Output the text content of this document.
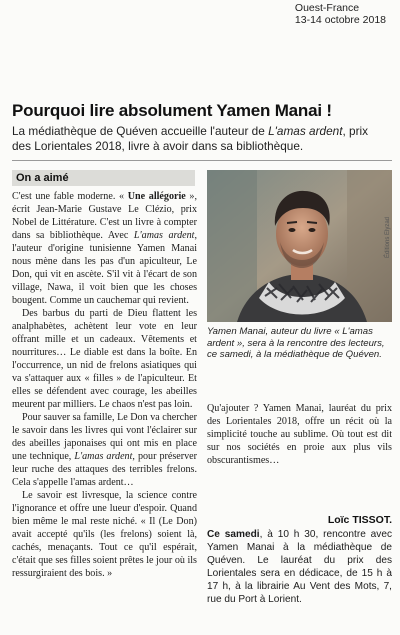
Ouest-France
13-14 octobre 2018
Pourquoi lire absolument Yamen Manai !
La médiathèque de Quéven accueille l'auteur de L'amas ardent, prix des Lorientales 2018, livre à avoir dans sa bibliothèque.
On a aimé

C'est une fable moderne. « Une allégorie », écrit Jean-Marie Gustave Le Clézio, prix Nobel de Littérature. C'est un livre à compter dans sa bibliothèque. Avec L'amas ardent, l'auteur d'origine tunisienne Yamen Manai nous mène dans les pas d'un apiculteur, Le Don, qui vit en ascète. S'il vit à l'écart de son village, Nawa, il voit bien que les choses bougent. Comme un cauchemar qui revient.

Des barbus du parti de Dieu flattent les analphabètes, achètent leur vote en leur offrant mille et un cadeaux. Vêtements et nourritures… Le diable est dans la boîte. En l'occurrence, un nid de frelons asiatiques qui va s'attaquer aux « filles » de l'apiculteur. Et elles se défendent avec courage, les abeilles meurent par milliers. Le chaos n'est pas loin.

Pour sauver sa famille, Le Don va chercher le savoir dans les livres qui vont l'éclairer sur des abeilles japonaises qui ont mis en place une technique, L'amas ardent, pour préserver leur ruche des attaques des terribles frelons. Cela s'appelle l'amas ardent…

Le savoir est livresque, la science contre l'ignorance et offre une lueur d'espoir. Quand bien même le mal reste niché. « Il (Le Don) avait accepté qu'ils (les frelons) soient là, cachés, menaçants. Tout ce qu'il espérait, c'était que ses filles soient prêtes le jour où ils ressurgiraient des bois. »

Éditions Elyzad
Yamen Manai, auteur du livre « L'amas ardent », sera à la rencontre des lecteurs, ce samedi, à la médiathèque de Quéven.

Qu'ajouter ? Yamen Manai, lauréat du prix des Lorientales 2018, offre un récit où la simplicité touche au sublime. Où tout est dit sur nos sociétés en proie aux plus vils obscurantismes…

Loïc TISSOT.
Ce samedi, à 10 h 30, rencontre avec Yamen Manai à la médiathèque de Quéven. Le lauréat du prix des Lorientales sera en dédicace, de 15 h à 17 h, à la librairie Au Vent des Mots, 7, rue du Port à Lorient.
